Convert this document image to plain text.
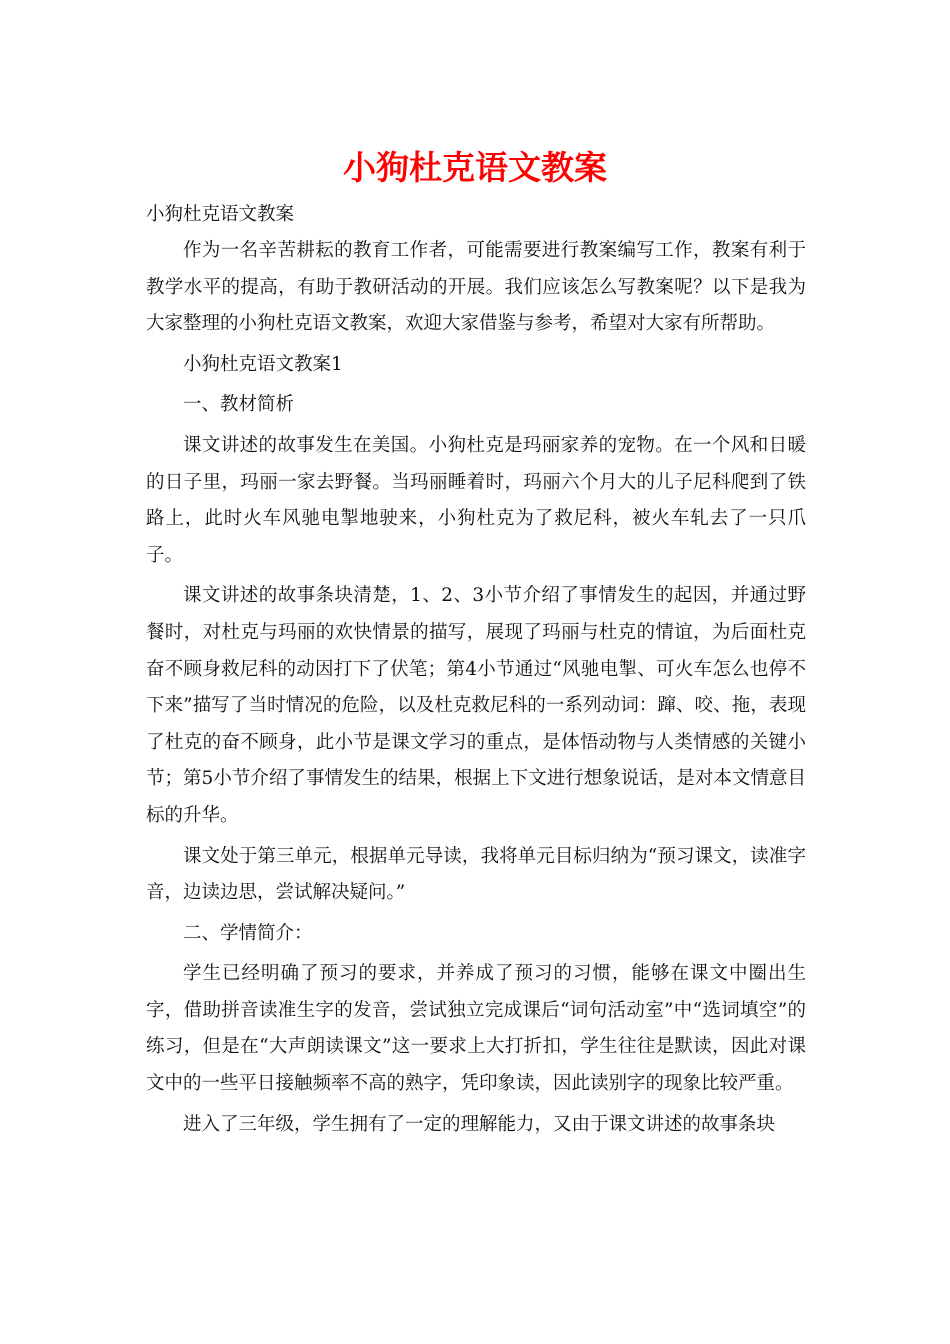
小狗杜克语文教案

小狗杜克语文教案

作为一名辛苦耕耘的教育工作者，可能需要进行教案编写工作，教案有利于教学水平的提高，有助于教研活动的开展。我们应该怎么写教案呢？以下是我为大家整理的小狗杜克语文教案，欢迎大家借鉴与参考，希望对大家有所帮助。

小狗杜克语文教案1

一、教材简析

课文讲述的故事发生在美国。小狗杜克是玛丽家养的宠物。在一个风和日暖的日子里，玛丽一家去野餐。当玛丽睡着时，玛丽六个月大的儿子尼科爬到了铁路上，此时火车风驰电掣地驶来，小狗杜克为了救尼科，被火车轧去了一只爪子。

课文讲述的故事条块清楚，1、2、3小节介绍了事情发生的起因，并通过野餐时，对杜克与玛丽的欢快情景的描写，展现了玛丽与杜克的情谊，为后面杜克奋不顾身救尼科的动因打下了伏笔；第4小节通过“风驰电掣、可火车怎么也停不下来”描写了当时情况的危险，以及杜克救尼科的一系列动词：蹿、咬、拖，表现了杜克的奋不顾身，此小节是课文学习的重点，是体悟动物与人类情感的关键小节；第5小节介绍了事情发生的结果，根据上下文进行想象说话，是对本文情意目标的升华。

课文处于第三单元，根据单元导读，我将单元目标归纳为“预习课文，读准字音，边读边思，尝试解决疑问。”

二、学情简介：

学生已经明确了预习的要求，并养成了预习的习惯，能够在课文中圈出生字，借助拼音读准生字的发音，尝试独立完成课后“词句活动室”中“选词填空”的练习，但是在“大声朗读课文”这一要求上大打折扣，学生往往是默读，因此对课文中的一些平日接触频率不高的熟字，凭印象读，因此读别字的现象比较严重。

进入了三年级，学生拥有了一定的理解能力，又由于课文讲述的故事条块
